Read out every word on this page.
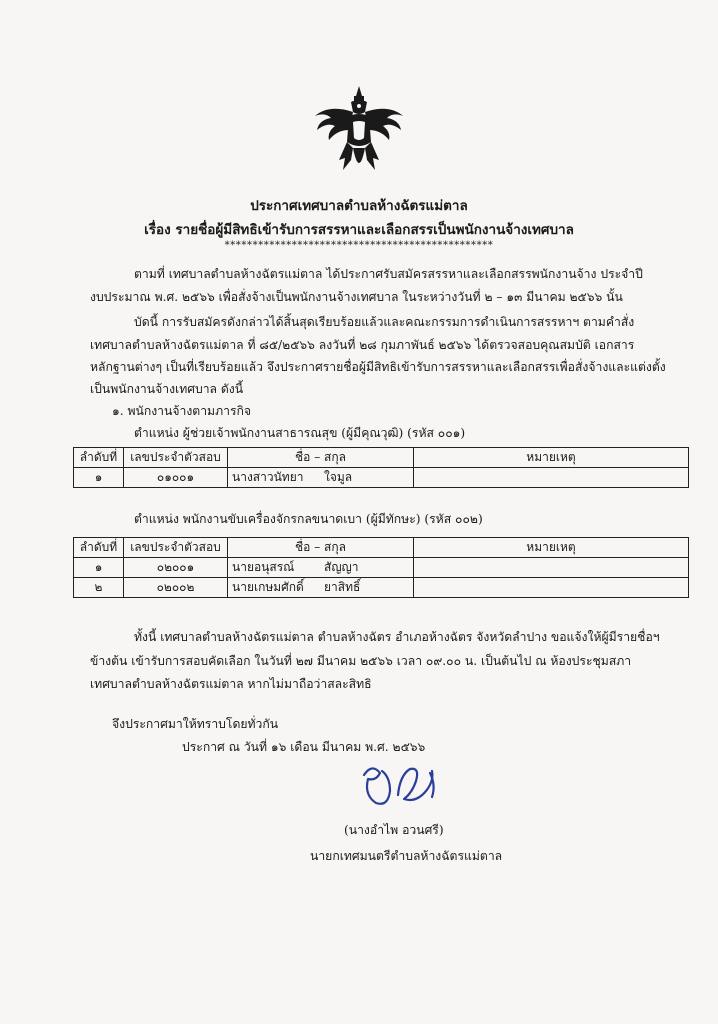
ประกาศเทศบาลตำบลห้างฉัตรแม่ตาล
เรื่อง รายชื่อผู้มีสิทธิเข้ารับการสรรหาและเลือกสรรเป็นพนักงานจ้างเทศบาล
************************************************
ตามที่ เทศบาลตำบลห้างฉัตรแม่ตาล ได้ประกาศรับสมัครสรรหาและเลือกสรรพนักงานจ้าง ประจำปี
งบประมาณ พ.ศ. ๒๕๖๖ เพื่อสั่งจ้างเป็นพนักงานจ้างเทศบาล ในระหว่างวันที่ ๒ – ๑๓ มีนาคม ๒๕๖๖ นั้น
บัดนี้ การรับสมัครดังกล่าวได้สิ้นสุดเรียบร้อยแล้วและคณะกรรมการดำเนินการสรรหาฯ ตามคำสั่ง
เทศบาลตำบลห้างฉัตรแม่ตาล ที่ ๘๕/๒๕๖๖ ลงวันที่ ๒๘ กุมภาพันธ์ ๒๕๖๖ ได้ตรวจสอบคุณสมบัติ เอกสาร
หลักฐานต่างๆ เป็นที่เรียบร้อยแล้ว จึงประกาศรายชื่อผู้มีสิทธิเข้ารับการสรรหาและเลือกสรรเพื่อสั่งจ้างและแต่งตั้ง
เป็นพนักงานจ้างเทศบาล ดังนี้
๑. พนักงานจ้างตามภารกิจ
ตำแหน่ง ผู้ช่วยเจ้าพนักงานสาธารณสุข (ผู้มีคุณวุฒิ) (รหัส ๐๐๑)
ลำดับที่	เลขประจำตัวสอบ	ชื่อ – สกุล	หมายเหตุ
๑	๐๑๐๐๑	นางสาวนัทยา ใจมูล	
ตำแหน่ง พนักงานขับเครื่องจักรกลขนาดเบา (ผู้มีทักษะ) (รหัส ๐๐๒)
ลำดับที่	เลขประจำตัวสอบ	ชื่อ – สกุล	หมายเหตุ
๑	๐๒๐๐๑	นายอนุสรณ์ สัญญา	
๒	๐๒๐๐๒	นายเกษมศักดิ์ ยาสิทธิ์	
ทั้งนี้ เทศบาลตำบลห้างฉัตรแม่ตาล ตำบลห้างฉัตร อำเภอห้างฉัตร จังหวัดลำปาง ขอแจ้งให้ผู้มีรายชื่อฯ
ข้างต้น เข้ารับการสอบคัดเลือก ในวันที่ ๒๗ มีนาคม ๒๕๖๖ เวลา ๐๙.๐๐ น. เป็นต้นไป ณ ห้องประชุมสภา
เทศบาลตำบลห้างฉัตรแม่ตาล หากไม่มาถือว่าสละสิทธิ
จึงประกาศมาให้ทราบโดยทั่วกัน
ประกาศ ณ วันที่ ๑๖ เดือน มีนาคม พ.ศ. ๒๕๖๖
(นางอำไพ อวนศรี)
นายกเทศมนตรีตำบลห้างฉัตรแม่ตาล
